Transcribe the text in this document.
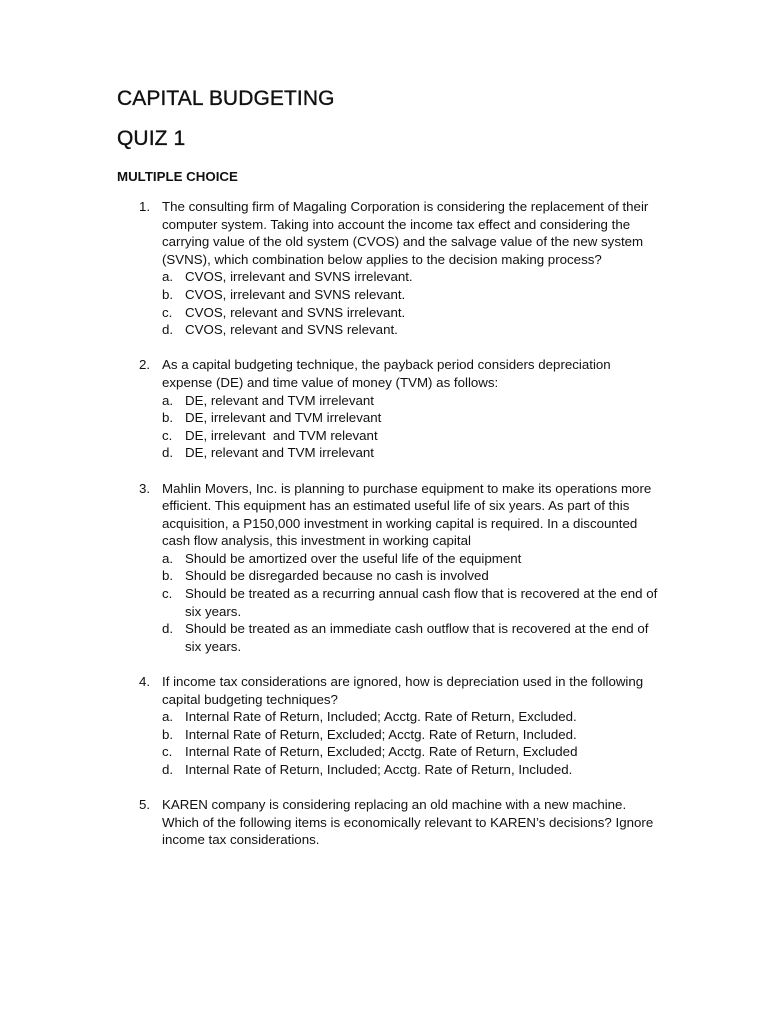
CAPITAL BUDGETING
QUIZ 1
MULTIPLE CHOICE
1. The consulting firm of Magaling Corporation is considering the replacement of their computer system. Taking into account the income tax effect and considering the carrying value of the old system (CVOS) and the salvage value of the new system (SVNS), which combination below applies to the decision making process?
a. CVOS, irrelevant and SVNS irrelevant.
b. CVOS, irrelevant and SVNS relevant.
c. CVOS, relevant and SVNS irrelevant.
d. CVOS, relevant and SVNS relevant.
2. As a capital budgeting technique, the payback period considers depreciation expense (DE) and time value of money (TVM) as follows:
a. DE, relevant and TVM irrelevant
b. DE, irrelevant and TVM irrelevant
c. DE, irrelevant  and TVM relevant
d. DE, relevant and TVM irrelevant
3. Mahlin Movers, Inc. is planning to purchase equipment to make its operations more efficient. This equipment has an estimated useful life of six years. As part of this acquisition, a P150,000 investment in working capital is required. In a discounted cash flow analysis, this investment in working capital
a. Should be amortized over the useful life of the equipment
b. Should be disregarded because no cash is involved
c. Should be treated as a recurring annual cash flow that is recovered at the end of six years.
d. Should be treated as an immediate cash outflow that is recovered at the end of six years.
4. If income tax considerations are ignored, how is depreciation used in the following capital budgeting techniques?
a. Internal Rate of Return, Included; Acctg. Rate of Return, Excluded.
b. Internal Rate of Return, Excluded; Acctg. Rate of Return, Included.
c. Internal Rate of Return, Excluded; Acctg. Rate of Return, Excluded
d. Internal Rate of Return, Included; Acctg. Rate of Return, Included.
5. KAREN company is considering replacing an old machine with a new machine. Which of the following items is economically relevant to KAREN’s decisions? Ignore income tax considerations.
